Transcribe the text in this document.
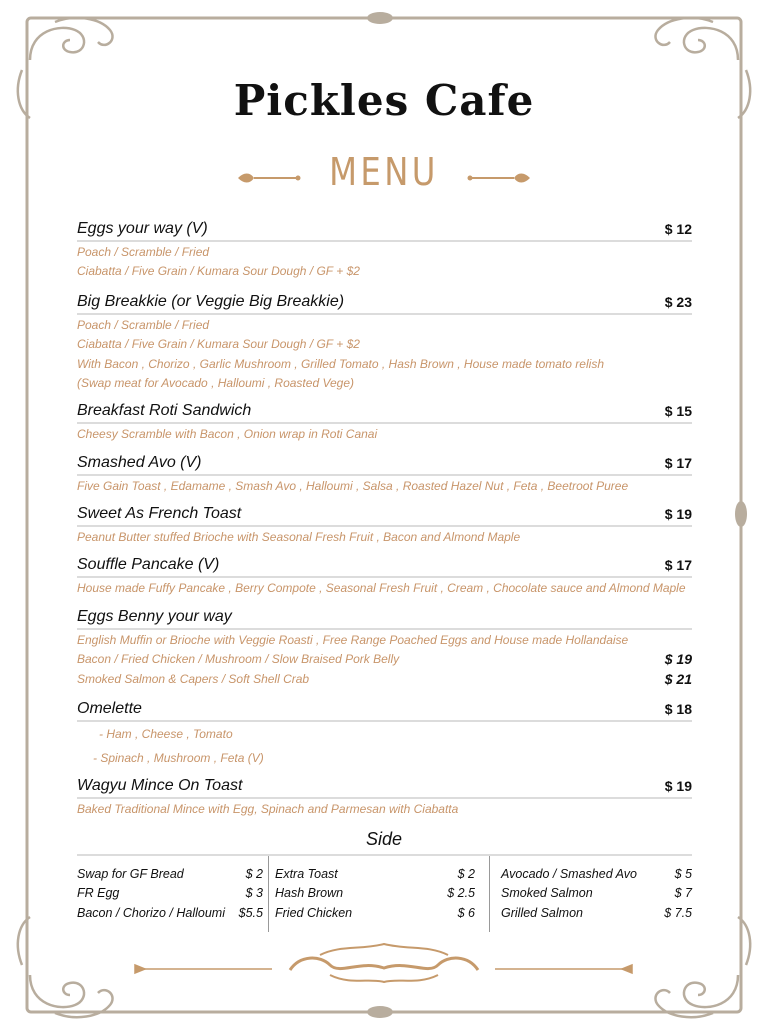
Pickles Cafe
MENU
Eggs your way (V)	$ 12
Poach / Scramble / Fried
Ciabatta / Five Grain / Kumara Sour Dough / GF + $2
Big Breakkie (or Veggie Big Breakkie)	$ 23
Poach / Scramble / Fried
Ciabatta / Five Grain / Kumara Sour Dough / GF + $2
With Bacon , Chorizo , Garlic Mushroom , Grilled Tomato , Hash Brown , House made tomato relish
(Swap meat for Avocado , Halloumi , Roasted Vege)
Breakfast Roti Sandwich	$ 15
Cheesy Scramble with Bacon , Onion wrap in Roti Canai
Smashed Avo (V)	$ 17
Five Gain Toast , Edamame , Smash Avo , Halloumi , Salsa , Roasted Hazel Nut , Feta , Beetroot Puree
Sweet As French Toast	$ 19
Peanut Butter stuffed Brioche with Seasonal Fresh Fruit , Bacon and Almond Maple
Souffle Pancake (V)	$ 17
House made Fuffy Pancake , Berry Compote , Seasonal Fresh Fruit , Cream , Chocolate sauce and Almond Maple
Eggs Benny your way
English Muffin or Brioche with Veggie Roasti , Free Range Poached Eggs and House made Hollandaise
Bacon / Fried Chicken / Mushroom / Slow Braised Pork Belly	$ 19
Smoked Salmon & Capers / Soft Shell Crab	$ 21
Omelette	$ 18
- Ham , Cheese , Tomato
- Spinach , Mushroom , Feta (V)
Wagyu Mince On Toast	$ 19
Baked Traditional Mince with Egg, Spinach and Parmesan with Ciabatta
Side
Swap for GF Bread	$ 2
FR Egg	$ 3
Bacon / Chorizo / Halloumi $5.5
Extra Toast	$ 2
Hash Brown	$ 2.5
Fried Chicken	$ 6
Avocado / Smashed Avo	$ 5
Smoked Salmon	$ 7
Grilled Salmon	$ 7.5
